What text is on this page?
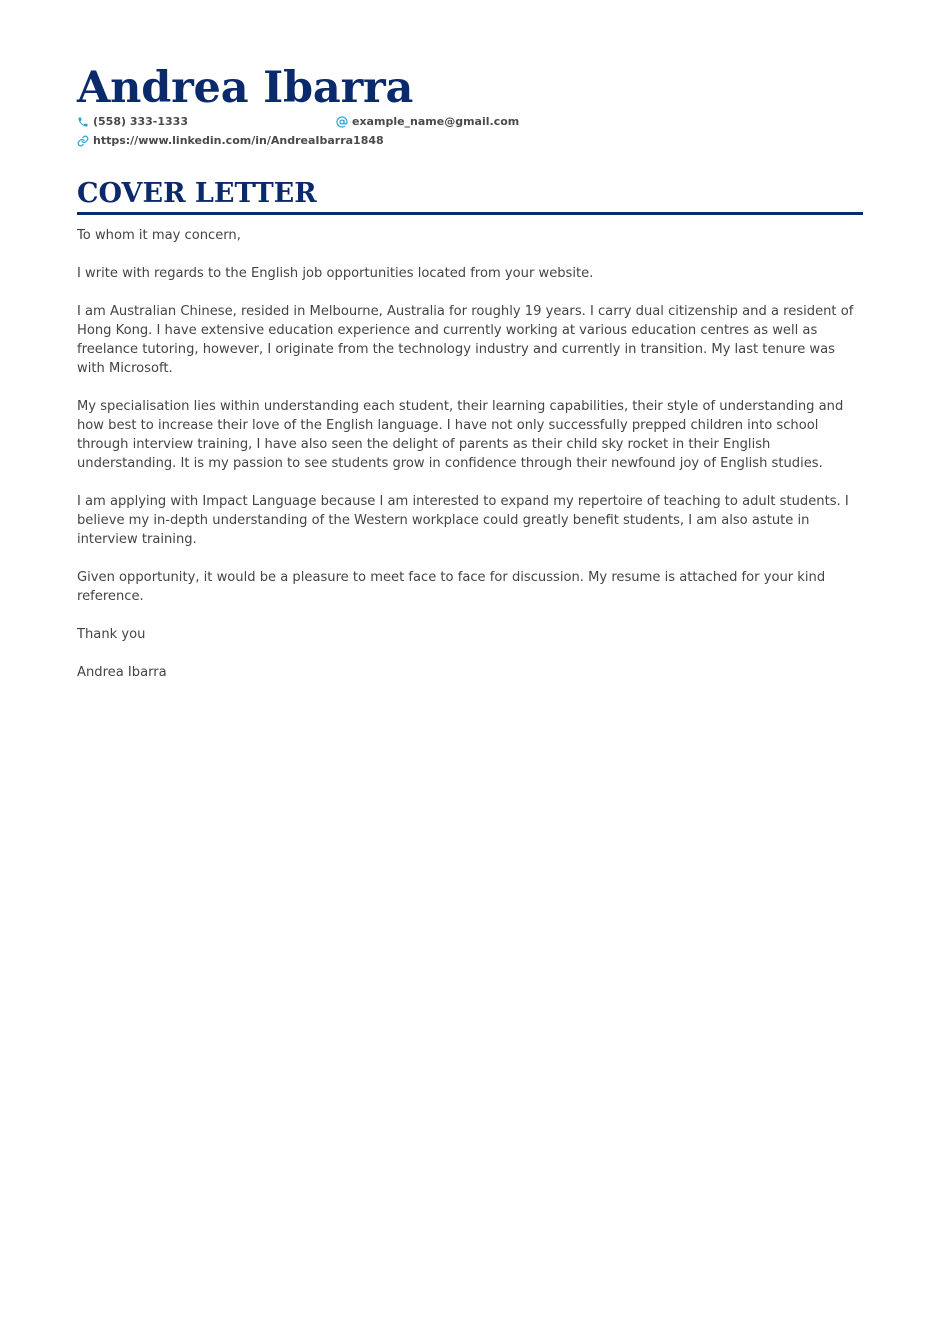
Andrea Ibarra
(558) 333-1333	example_name@gmail.com
https://www.linkedin.com/in/AndreaIbarra1848
COVER LETTER

To whom it may concern,

I write with regards to the English job opportunities located from your website.

I am Australian Chinese, resided in Melbourne, Australia for roughly 19 years. I carry dual citizenship and a resident of Hong Kong. I have extensive education experience and currently working at various education centres as well as freelance tutoring, however, I originate from the technology industry and currently in transition. My last tenure was with Microsoft.

My specialisation lies within understanding each student, their learning capabilities, their style of understanding and how best to increase their love of the English language. I have not only successfully prepped children into school through interview training, I have also seen the delight of parents as their child sky rocket in their English understanding. It is my passion to see students grow in confidence through their newfound joy of English studies.

I am applying with Impact Language because I am interested to expand my repertoire of teaching to adult students. I believe my in-depth understanding of the Western workplace could greatly benefit students, I am also astute in interview training.

Given opportunity, it would be a pleasure to meet face to face for discussion. My resume is attached for your kind reference.

Thank you

Andrea Ibarra
